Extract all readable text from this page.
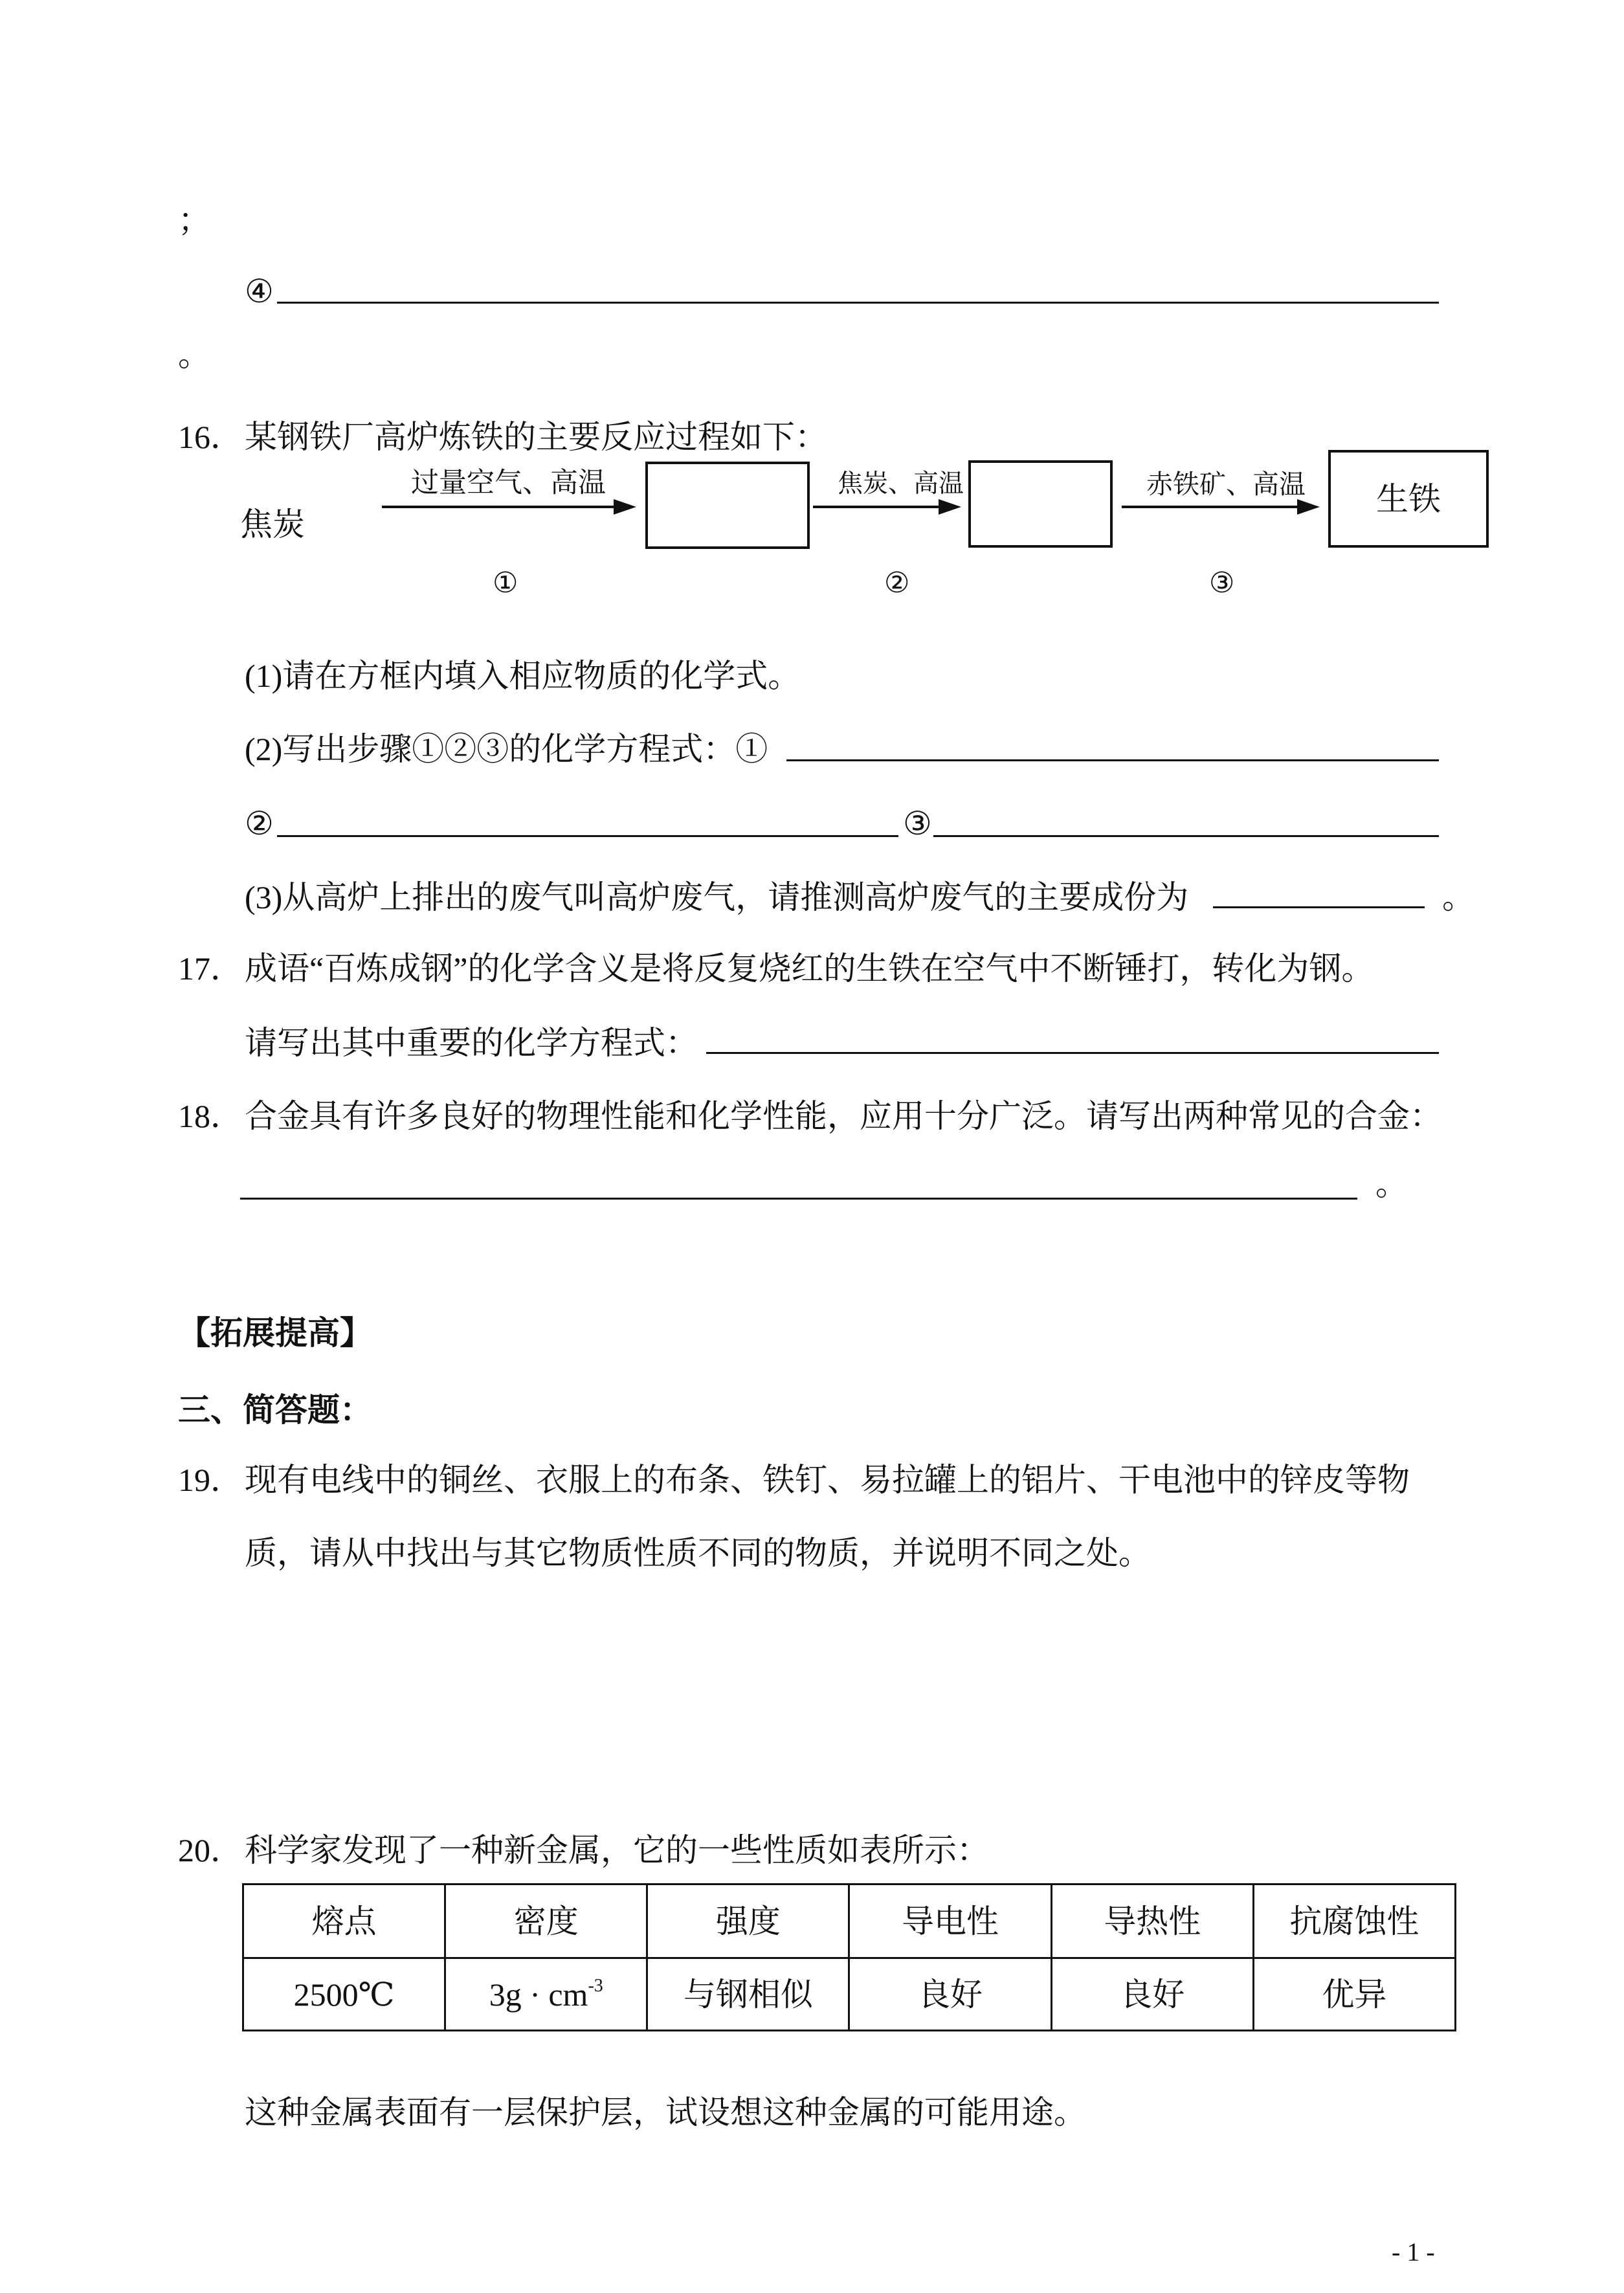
；
④
。
16． 某钢铁厂高炉炼铁的主要反应过程如下：
焦炭
过量空气、高温	焦炭、高温	赤铁矿、高温	生铁
①	②	③
(1)请在方框内填入相应物质的化学式。
(2)写出步骤①②③的化学方程式：①
②	③
(3)从高炉上排出的废气叫高炉废气，请推测高炉废气的主要成份为	。
17． 成语“百炼成钢”的化学含义是将反复烧红的生铁在空气中不断锤打，转化为钢。
请写出其中重要的化学方程式：
18． 合金具有许多良好的物理性能和化学性能，应用十分广泛。请写出两种常见的合金：
。
【拓展提高】
三、简答题：
19． 现有电线中的铜丝、衣服上的布条、铁钉、易拉罐上的铝片、干电池中的锌皮等物
质，请从中找出与其它物质性质不同的物质，并说明不同之处。
20． 科学家发现了一种新金属，它的一些性质如表所示：
熔点	密度	强度	导电性	导热性	抗腐蚀性
2500℃	$3g \cdot cm^{-3}$	与钢相似	良好	良好	优异
这种金属表面有一层保护层，试设想这种金属的可能用途。
- 1 -
